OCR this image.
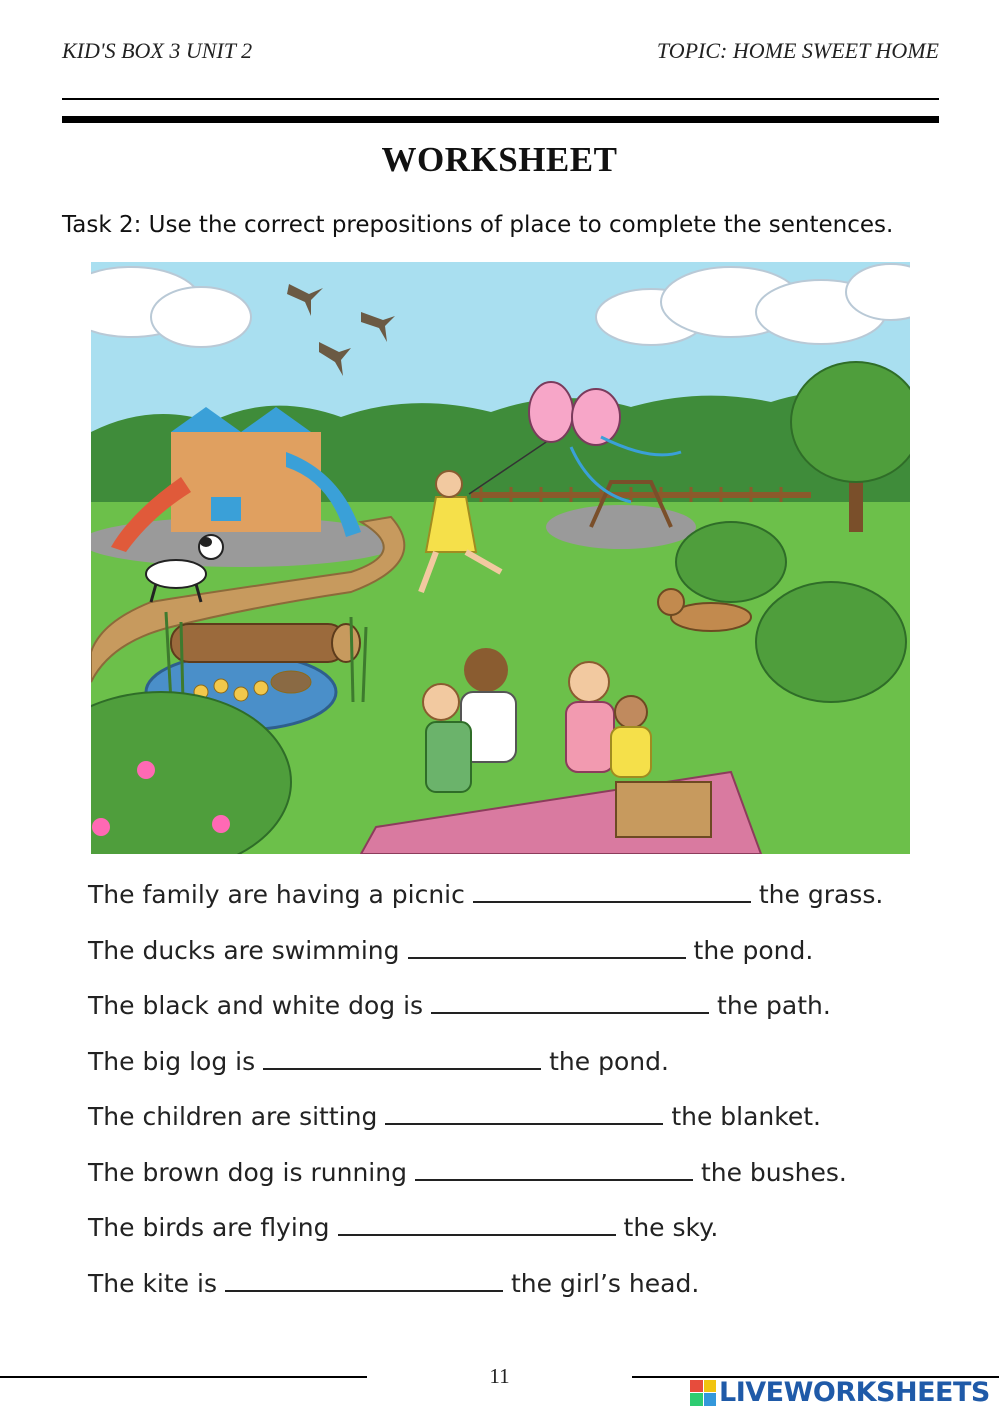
KID'S BOX 3 UNIT 2	TOPIC: HOME SWEET HOME
WORKSHEET
Task 2: Use the correct prepositions of place to complete the sentences.
The family are having a picnic	the grass.
The ducks are swimming	the pond.
The black and white dog is	the path.
The big log is	the pond.
The children are sitting	the blanket.
The brown dog is running	the bushes.
The birds are flying	the sky.
The kite is	the girl’s head.
11
LIVEWORKSHEETS
